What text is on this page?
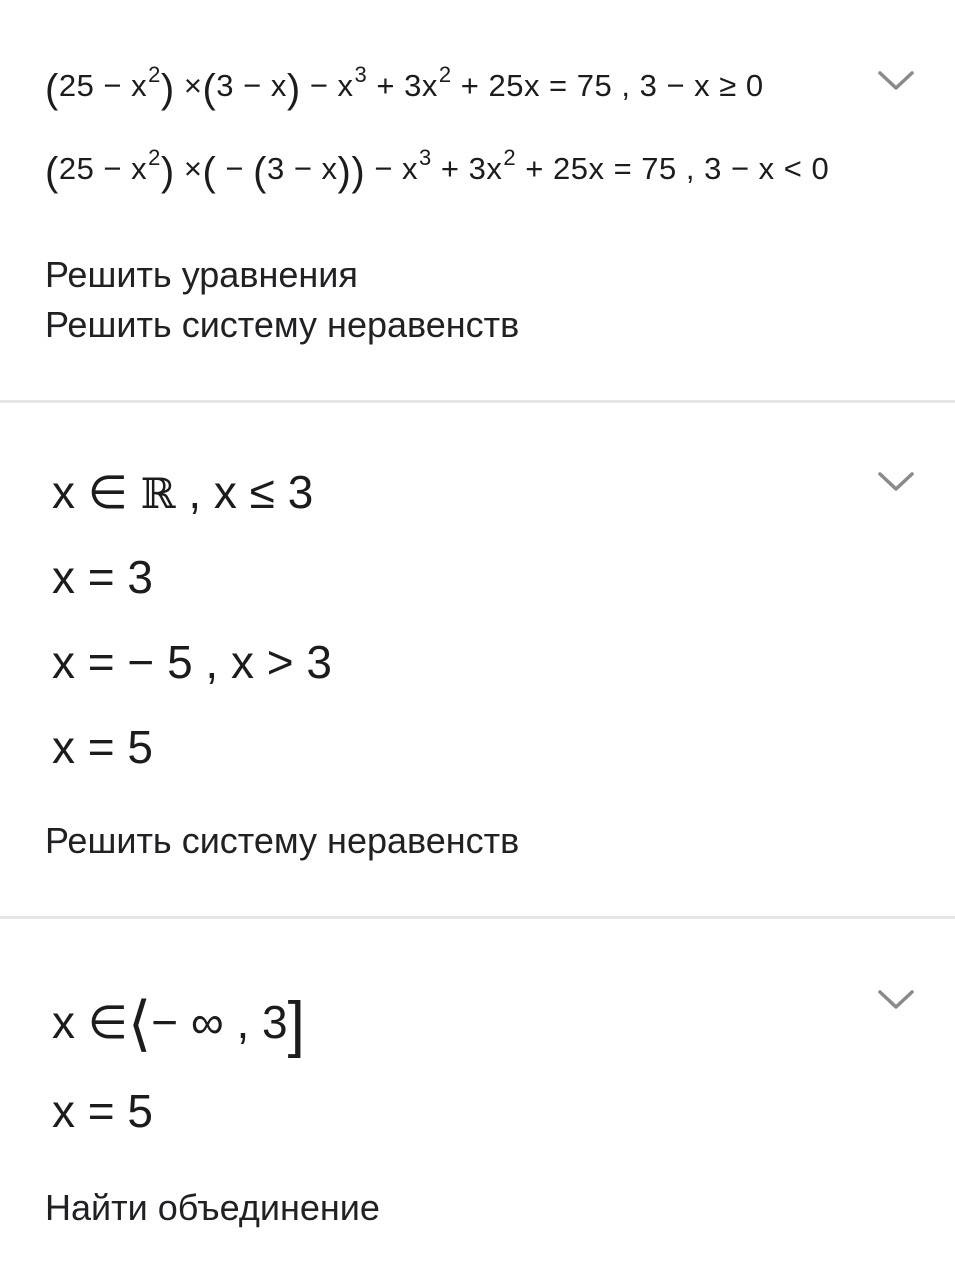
$(25 - x^2) \times(3 - x) - x^3 + 3x^2 + 25x = 75$ , 3 − x ≥ 0
$(25 - x^2)$ ×( − $(3 - x)) - x^3 + 3x^2 + 25x = 75$ , 3 − x < 0
Решить уравнения
Решить систему неравенств
x ∈ ℝ , x ≤ 3
x = 3
x = − 5 , x > 3
x = 5
Решить систему неравенств
x ∈⟨− ∞ , 3]
x = 5
Найти объединение
